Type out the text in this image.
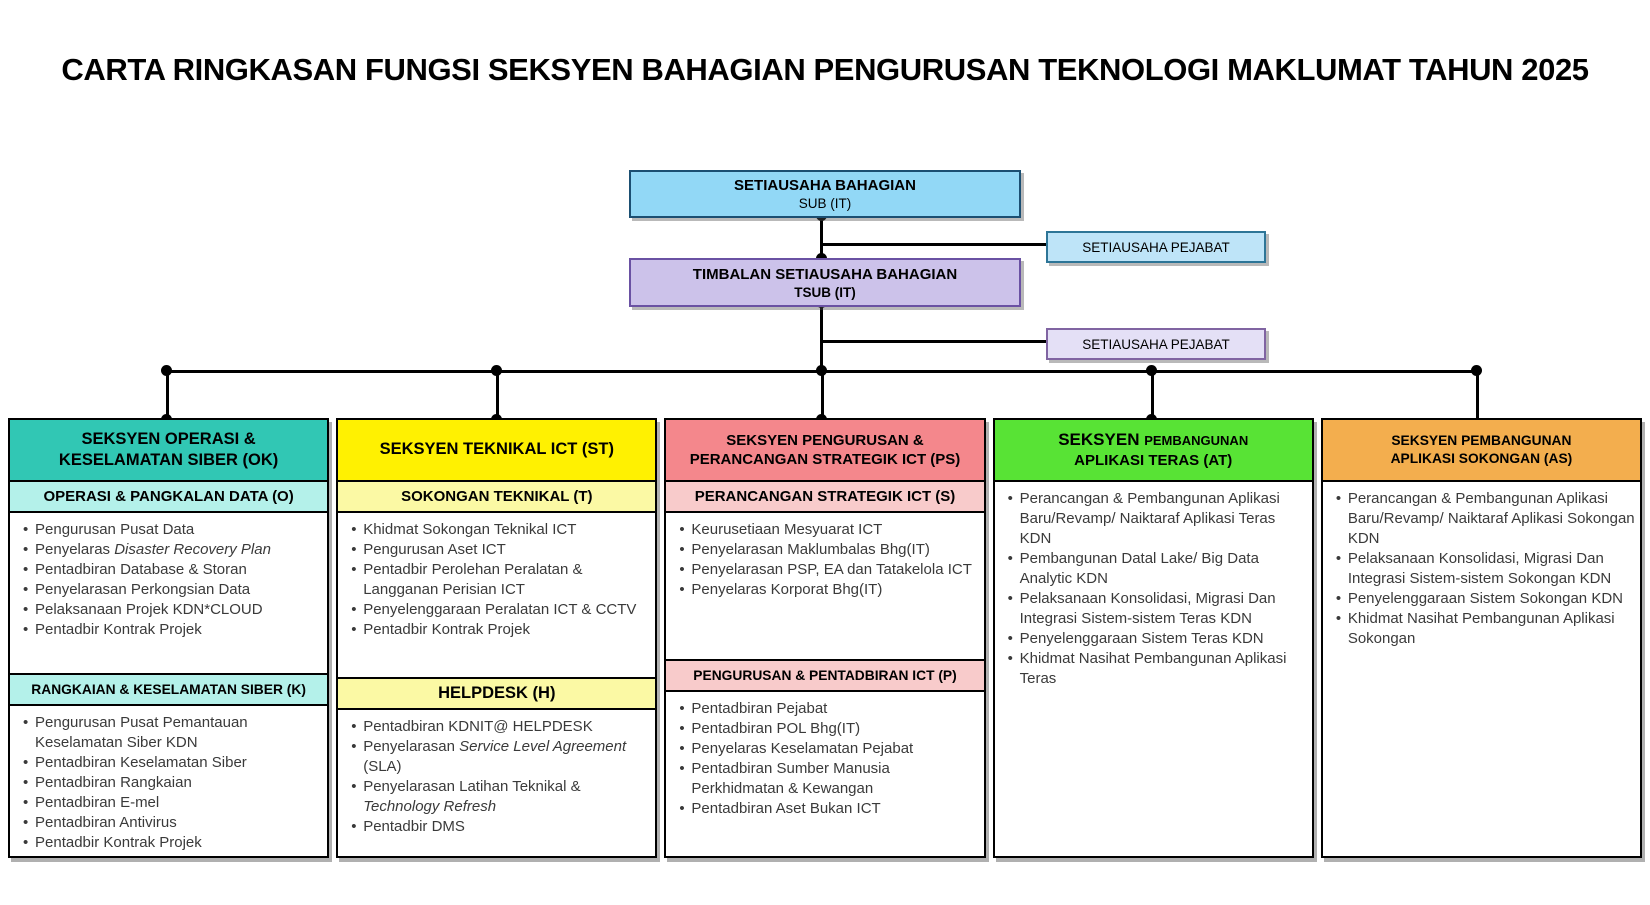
CARTA RINGKASAN FUNGSI SEKSYEN BAHAGIAN PENGURUSAN TEKNOLOGI MAKLUMAT TAHUN 2025
SETIAUSAHA BAHAGIAN
SUB (IT)
SETIAUSAHA PEJABAT
TIMBALAN SETIAUSAHA BAHAGIAN
TSUB (IT)
SETIAUSAHA PEJABAT
SEKSYEN OPERASI &
KESELAMATAN SIBER (OK)
OPERASI & PANGKALAN DATA (O)
• Pengurusan Pusat Data
• Penyelaras Disaster Recovery Plan
• Pentadbiran Database & Storan
• Penyelarasan Perkongsian Data
• Pelaksanaan Projek KDN*CLOUD
• Pentadbir Kontrak Projek
RANGKAIAN & KESELAMATAN SIBER (K)
• Pengurusan Pusat Pemantauan Keselamatan Siber KDN
• Pentadbiran Keselamatan Siber
• Pentadbiran Rangkaian
• Pentadbiran E-mel
• Pentadbiran Antivirus
• Pentadbir Kontrak Projek
SEKSYEN TEKNIKAL ICT (ST)
SOKONGAN TEKNIKAL (T)
• Khidmat Sokongan Teknikal ICT
• Pengurusan Aset ICT
• Pentadbir Perolehan Peralatan & Langganan Perisian ICT
• Penyelenggaraan Peralatan ICT & CCTV
• Pentadbir Kontrak Projek
HELPDESK (H)
• Pentadbiran KDNIT@ HELPDESK
• Penyelarasan Service Level Agreement (SLA)
• Penyelarasan Latihan Teknikal & Technology Refresh
• Pentadbir DMS
SEKSYEN PENGURUSAN &
PERANCANGAN STRATEGIK ICT (PS)
PERANCANGAN STRATEGIK ICT (S)
• Keurusetiaan Mesyuarat ICT
• Penyelarasan Maklumbalas Bhg(IT)
• Penyelarasan PSP, EA dan Tatakelola ICT
• Penyelaras Korporat Bhg(IT)
PENGURUSAN & PENTADBIRAN ICT (P)
• Pentadbiran Pejabat
• Pentadbiran POL Bhg(IT)
• Penyelaras Keselamatan Pejabat
• Pentadbiran Sumber Manusia Perkhidmatan & Kewangan
• Pentadbiran Aset Bukan ICT
SEKSYEN PEMBANGUNAN
APLIKASI TERAS (AT)
• Perancangan & Pembangunan Aplikasi Baru/Revamp/ Naiktaraf Aplikasi Teras KDN
• Pembangunan Datal Lake/ Big Data Analytic KDN
• Pelaksanaan Konsolidasi, Migrasi Dan Integrasi Sistem-sistem Teras KDN
• Penyelenggaraan Sistem Teras KDN
• Khidmat Nasihat Pembangunan Aplikasi Teras
SEKSYEN PEMBANGUNAN
APLIKASI SOKONGAN (AS)
• Perancangan & Pembangunan Aplikasi Baru/Revamp/ Naiktaraf Aplikasi Sokongan KDN
• Pelaksanaan Konsolidasi, Migrasi Dan Integrasi Sistem-sistem Sokongan KDN
• Penyelenggaraan Sistem Sokongan KDN
• Khidmat Nasihat Pembangunan Aplikasi Sokongan
